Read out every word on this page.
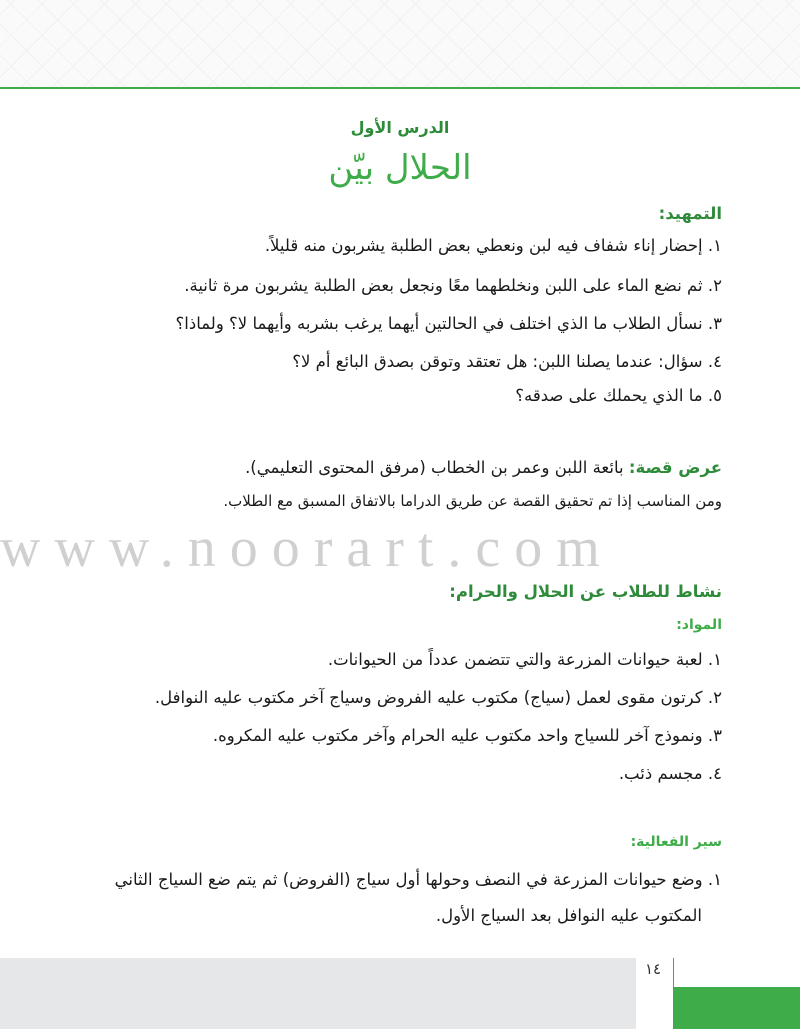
الدرس الأول
الحلال بيّن
التمهيد:
١. إحضار إناء شفاف فيه لبن ونعطي بعض الطلبة يشربون منه قليلاً.
٢. ثم نضع الماء على اللبن ونخلطهما معًا ونجعل بعض الطلبة يشربون مرة ثانية.
٣. نسأل الطلاب ما الذي اختلف في الحالتين أيهما يرغب بشربه وأيهما لا؟ ولماذا؟
٤. سؤال: عندما يصلنا اللبن: هل تعتقد وتوقن بصدق البائع أم لا؟
٥. ما الذي يحملك على صدقه؟
عرض قصة: بائعة اللبن وعمر بن الخطاب (مرفق المحتوى التعليمي).
ومن المناسب إذا تم تحقيق القصة عن طريق الدراما بالاتفاق المسبق مع الطلاب.
www.noorart.com
نشاط للطلاب عن الحلال والحرام:
المواد:
١. لعبة حيوانات المزرعة والتي تتضمن عدداً من الحيوانات.
٢. كرتون مقوى لعمل (سياج) مكتوب عليه الفروض وسياج آخر مكتوب عليه النوافل.
٣. ونموذج آخر للسياج واحد مكتوب عليه الحرام وآخر مكتوب عليه المكروه.
٤. مجسم ذئب.
سير الفعالية:
١. وضع حيوانات المزرعة في النصف وحولها أول سياج (الفروض) ثم يتم ضع السياج الثاني
المكتوب عليه النوافل بعد السياج الأول.
١٤
